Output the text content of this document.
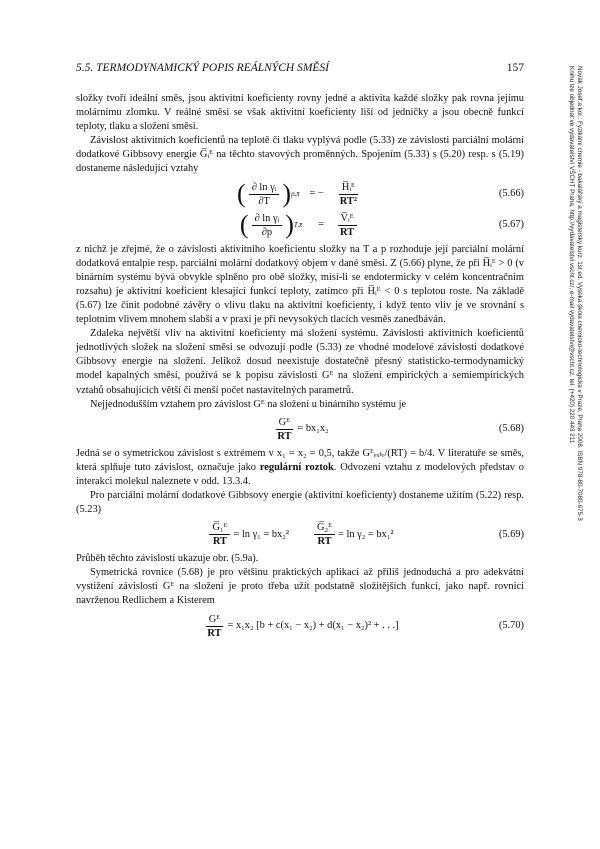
5.5. TERMODYNAMICKÝ POPIS REÁLNÝCH SMĚSÍ	157

složky tvoří ideální směs, jsou aktivitní koeficienty rovny jedné a aktivita každé složky pak rovna jejímu molárnímu zlomku. V reálné směsi se však aktivitní koeficienty liší od jedničky a jsou obecně funkcí teploty, tlaku a složení směsi.

Závislost aktivitních koeficientů na teplotě či tlaku vyplývá podle (5.33) ze závislosti parciální molární dodatkové Gibbsovy energie G̅ᵢᴱ na těchto stavových proměnných. Spojením (5.33) s (5.20) resp. s (5.19) dostaneme následující vztahy

( $\frac{\text{∂ ln γᵢ}}{\partial T}$ ) p,x̄ = − $\frac{\text{H̅ᵢᴱ}}{\text{RT²}}$	(5.66)
( $\frac{\text{∂ ln γᵢ}}{\partial p}$ ) T,x̄ = $\frac{\text{V̅ᵢᴱ}}{RT}$	(5.67)

z nichž je zřejmé, že o závislosti aktivitního koeficientu složky na T a p rozhoduje její parciální molární dodatková entalpie resp. parciální molární dodatkový objem v dané směsi. Z (5.66) plyne, že při H̅ᵢᴱ > 0 (v binárním systému bývá obvykle splněno pro obě složky, mísí-li se endotermicky v celém koncentračním rozsahu) je aktivitní koeficient klesající funkcí teploty, zatímco při H̅ᵢᴱ < 0 s teplotou roste. Na základě (5.67) lze činit podobné závěry o vlivu tlaku na aktivitní koeficienty, i když tento vliv je ve srovnání s teplotním vlivem mnohem slabší a v praxi je při nevysokých tlacích vesměs zanedbáván.

Zdaleka největší vliv na aktivitní koeficienty má složení systému. Závislosti aktivitních koeficientů jednotlivých složek na složení směsi se odvozují podle (5.33) ze vhodné modelové závislosti dodatkové Gibbsovy energie na složení. Jelikož dosud neexistuje dostatečně přesný statisticko-termodynamický model kapalných směsí, používá se k popisu závislosti Gᴱ na složení empirických a semiempirických vztahů obsahujících větší či menší počet nastavitelných parametrů.

Nejjednodušším vztahem pro závislost Gᴱ na složení u binárního systému je

$\frac{\text{Gᴱ}}{RT} = bx_1x_2$	(5.68)

Jedná se o symetrickou závislost s extrémem v x₁ = x₂ = 0,5, takže Gᴱₑₓₜᵣ/(RT) = b/4. V literatuře se směs, která splňuje tuto závislost, označuje jako regulární roztok. Odvození vztahu z modelových představ o interakci molekul naleznete v odd. 13.3.4.

Pro parciální molární dodatkové Gibbsovy energie (aktivitní koeficienty) dostaneme užitím (5.22) resp. (5.23)

$\frac{\text{G̅₁ᴱ}}{RT} = \ln \gamma_1 = bx_2^2 \frac{\text{G̅₂ᴱ}}{RT} = \ln \gamma_2 = bx_1^2$	(5.69)

Průběh těchto závislostí ukazuje obr. (5.9a).

Symetrická rovnice (5.68) je pro většinu praktických aplikací až příliš jednoduchá a pro adekvátní vystižení závislosti Gᴱ na složení je proto třeba užít podstatně složitějších funkcí, jako např. rovnici navrženou Redlichem a Kisterem

$\frac{\text{Gᴱ}}{RT} = x_1x_2$ [b + c(x₁ − x₂) + d(x₁ − x₂)² + . . .]	(5.70)
Novák Josef a kol.: Fyzikální chemie - bakalářský a magisterský kurz. 1st ed. Vysoká škola chemicko-technologická v Praze, Praha 2008. ISBN 978-80-7080-675-3
Knihu lze objednat ve vydavatelství VŠCHT Praha, http://vydavatelstvi.vscht.cz/, e-mail vydavatelstvi@vscht.cz, tel. (+420) 220 443 211
